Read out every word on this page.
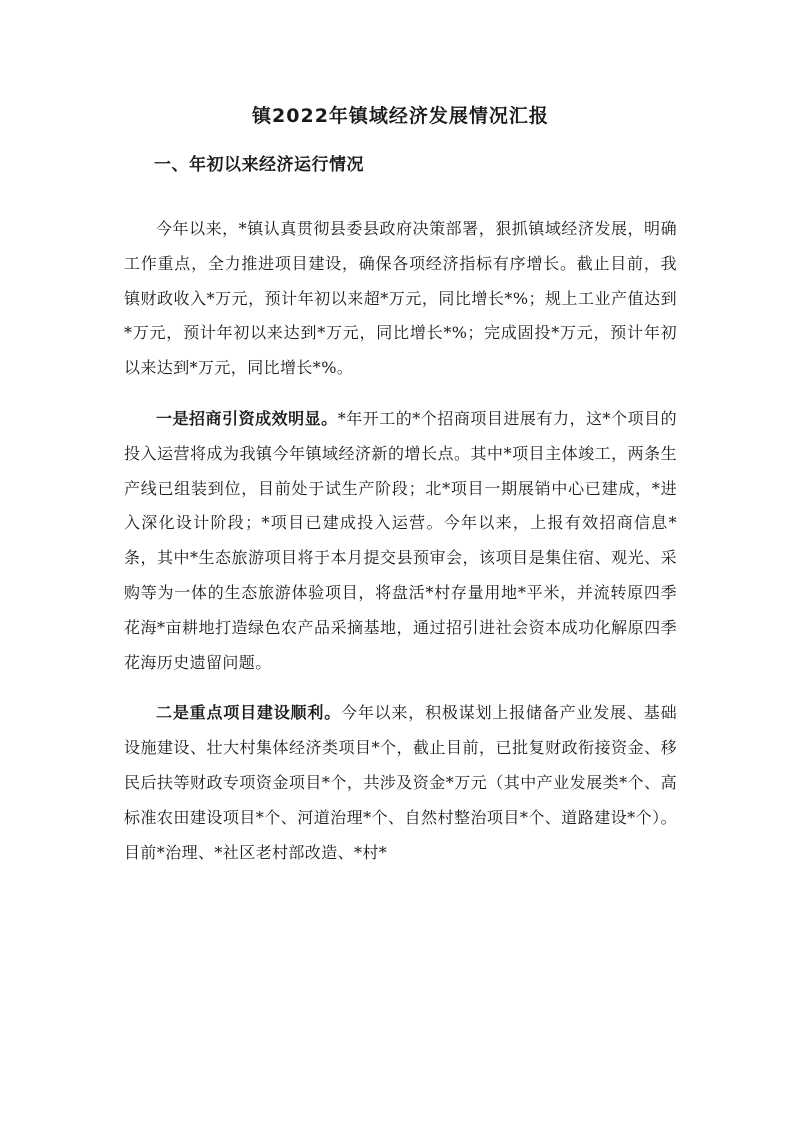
镇2022年镇域经济发展情况汇报
一、年初以来经济运行情况

今年以来，*镇认真贯彻县委县政府决策部署，狠抓镇域经济发展，明确工作重点，全力推进项目建设，确保各项经济指标有序增长。截止目前，我镇财政收入*万元，预计年初以来超*万元，同比增长*%；规上工业产值达到*万元，预计年初以来达到*万元，同比增长*%；完成固投*万元，预计年初以来达到*万元，同比增长*%。

一是招商引资成效明显。*年开工的*个招商项目进展有力，这*个项目的投入运营将成为我镇今年镇域经济新的增长点。其中*项目主体竣工，两条生产线已组装到位，目前处于试生产阶段；北*项目一期展销中心已建成，*进入深化设计阶段；*项目已建成投入运营。今年以来，上报有效招商信息*条，其中*生态旅游项目将于本月提交县预审会，该项目是集住宿、观光、采购等为一体的生态旅游体验项目，将盘活*村存量用地*平米，并流转原四季花海*亩耕地打造绿色农产品采摘基地，通过招引进社会资本成功化解原四季花海历史遗留问题。

二是重点项目建设顺利。今年以来，积极谋划上报储备产业发展、基础设施建设、壮大村集体经济类项目*个，截止目前，已批复财政衔接资金、移民后扶等财政专项资金项目*个，共涉及资金*万元（其中产业发展类*个、高标准农田建设项目*个、河道治理*个、自然村整治项目*个、道路建设*个）。目前*治理、*社区老村部改造、*村*
